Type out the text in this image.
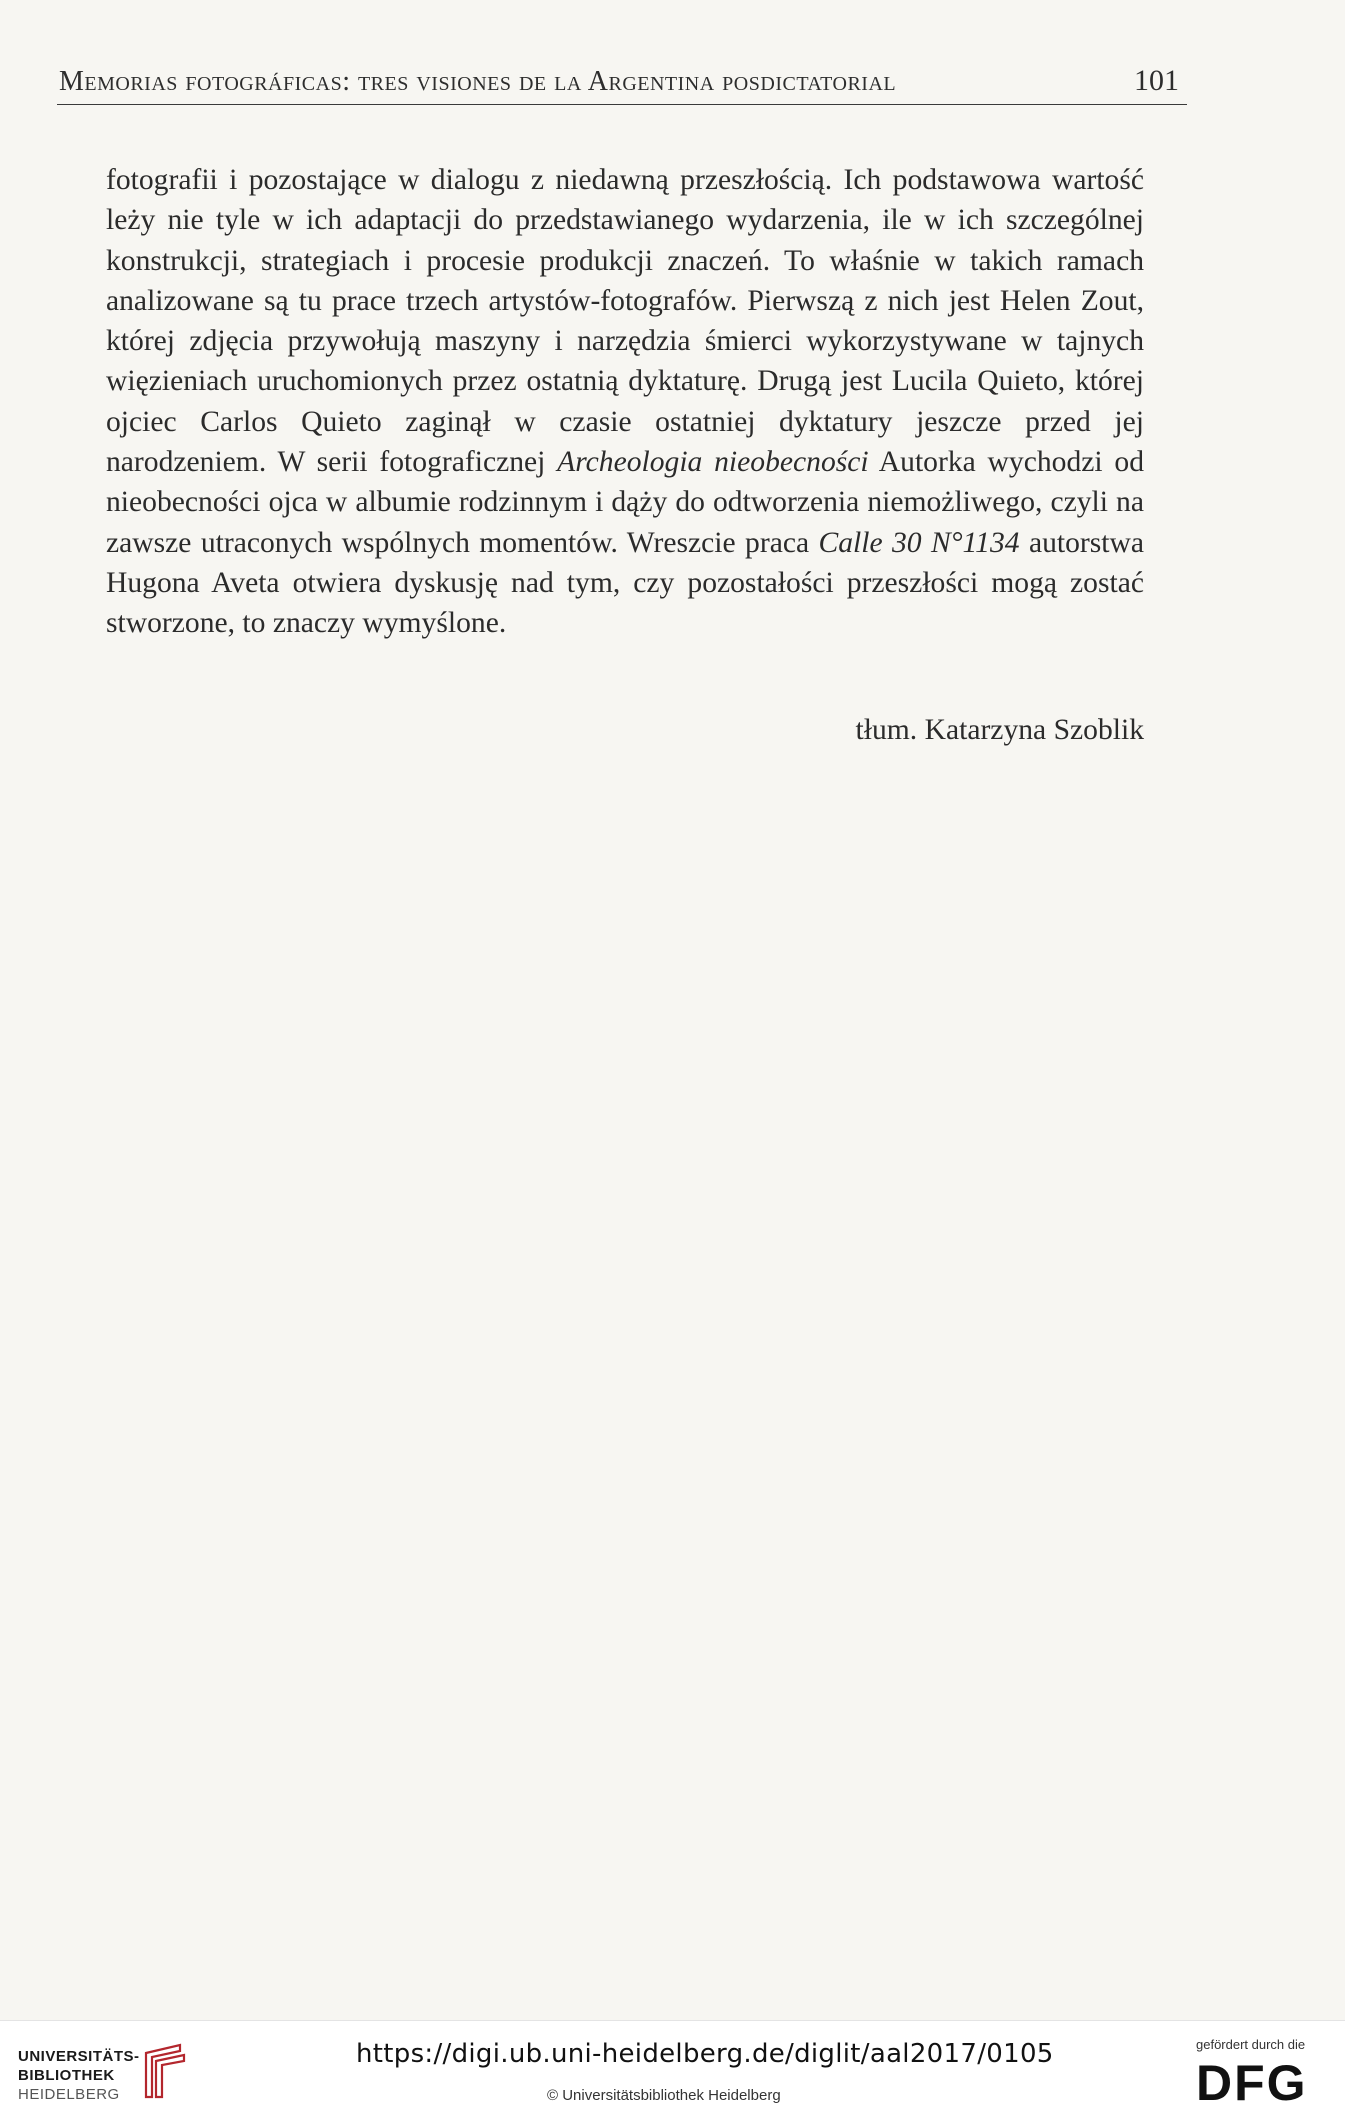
Memorias fotográficas: tres visiones de la Argentina posdictatorial	101

fotografii i pozostające w dialogu z niedawną przeszłością. Ich podstawowa wartość leży nie tyle w ich adaptacji do przedstawianego wydarzenia, ile w ich szczególnej konstrukcji, strategiach i procesie produkcji znaczeń. To właśnie w takich ramach analizowane są tu prace trzech artystów-fotografów. Pierwszą z nich jest Helen Zout, której zdjęcia przywołują maszyny i narzędzia śmierci wykorzystywane w tajnych więzieniach uruchomionych przez ostatnią dyktaturę. Drugą jest Lucila Quieto, której ojciec Carlos Quieto zaginął w czasie ostatniej dyktatury jeszcze przed jej narodzeniem. W serii fotograficznej Archeologia nieobecności Autorka wychodzi od nieobecności ojca w albumie rodzinnym i dąży do odtworzenia niemożliwego, czyli na zawsze utraconych wspólnych momentów. Wreszcie praca Calle 30 N°1134 autorstwa Hugona Aveta otwiera dyskusję nad tym, czy pozostałości przeszłości mogą zostać stworzone, to znaczy wymyślone.

tłum. Katarzyna Szoblik
UNIVERSITÄTS-
BIBLIOTHEK
HEIDELBERG
https://digi.ub.uni-heidelberg.de/diglit/aal2017/0105
© Universitätsbibliothek Heidelberg
gefördert durch die
DFG
